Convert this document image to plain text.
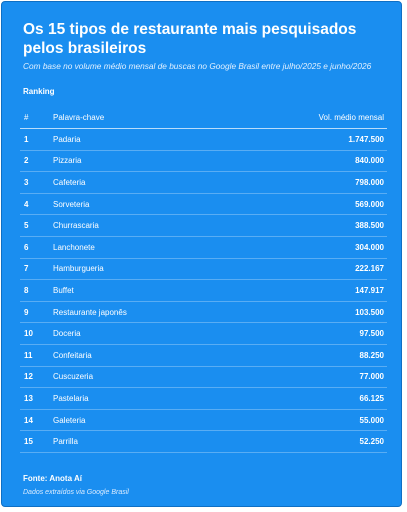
Os 15 tipos de restaurante mais pesquisados pelos brasileiros
Com base no volume médio mensal de buscas no Google Brasil entre julho/2025 e junho/2026
Ranking
#	Palavra-chave	Vol. médio mensal
1	Padaria	1.747.500
2	Pizzaria	840.000
3	Cafeteria	798.000
4	Sorveteria	569.000
5	Churrascaria	388.500
6	Lanchonete	304.000
7	Hamburgueria	222.167
8	Buffet	147.917
9	Restaurante japonês	103.500
10	Doceria	97.500
11	Confeitaria	88.250
12	Cuscuzeria	77.000
13	Pastelaria	66.125
14	Galeteria	55.000
15	Parrilla	52.250
Fonte: Anota Aí
Dados extraídos via Google Brasil
